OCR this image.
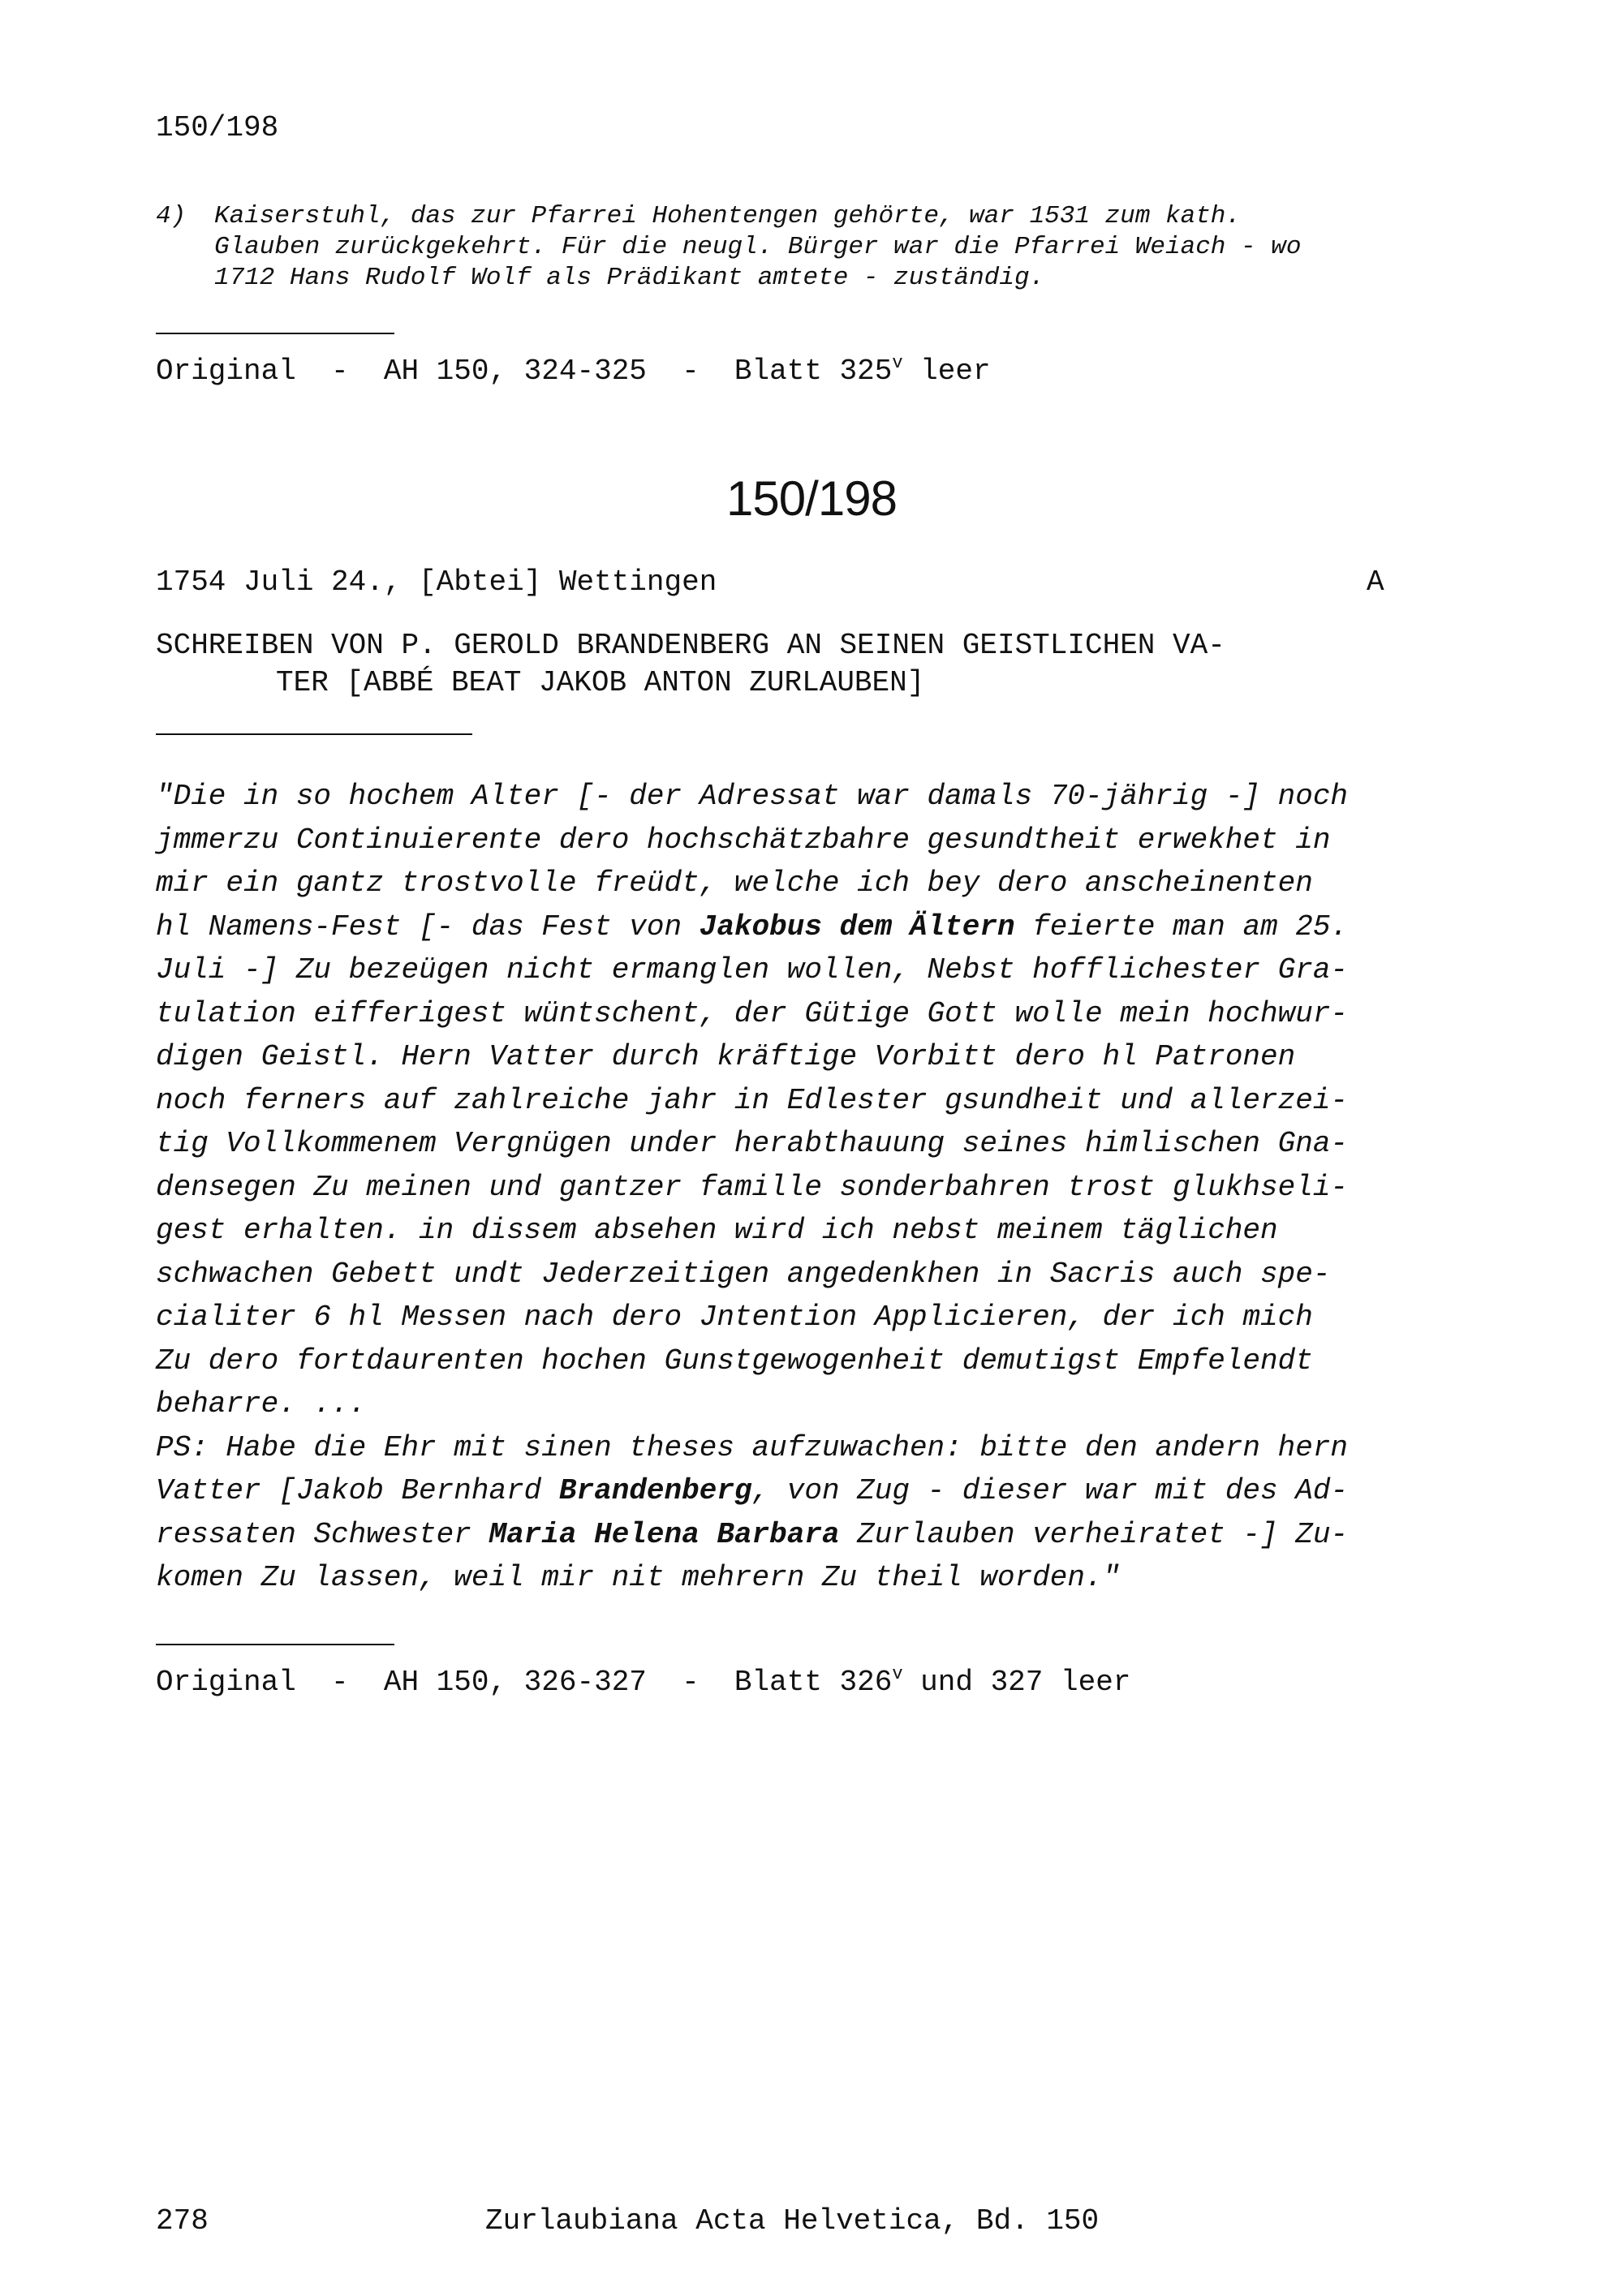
150/198
4) Kaiserstuhl, das zur Pfarrei Hohentengen gehörte, war 1531 zum kath.
Glauben zurückgekehrt. Für die neugl. Bürger war die Pfarrei Weiach - wo
1712 Hans Rudolf Wolf als Prädikant amtete - zuständig.
Original  -  AH 150, 324-325  -  Blatt 325$^v$ leer
150/198
1754 Juli 24., [Abtei] Wettingen	A
SCHREIBEN VON P. GEROLD BRANDENBERG AN SEINEN GEISTLICHEN VA-
TER [ABBÉ BEAT JAKOB ANTON ZURLAUBEN]
"Die in so hochem Alter [- der Adressat war damals 70-jährig -] noch
jmmerzu Continuierente dero hochschätzbahre gesundtheit erwekhet in
mir ein gantz trostvolle freüdt, welche ich bey dero anscheinenten
hl Namens-Fest [- das Fest von Jakobus dem Ältern feierte man am 25.
Juli -] Zu bezeügen nicht ermanglen wollen, Nebst hofflichester Gra-
tulation eifferigest wüntschent, der Gütige Gott wolle mein hochwur-
digen Geistl. Hern Vatter durch kräftige Vorbitt dero hl Patronen
noch ferners auf zahlreiche jahr in Edlester gsundheit und allerzei-
tig Vollkommenem Vergnügen under herabthauung seines himlischen Gna-
densegen Zu meinen und gantzer famille sonderbahren trost glukhseli-
gest erhalten. in dissem absehen wird ich nebst meinem täglichen
schwachen Gebett undt Jederzeitigen angedenkhen in Sacris auch spe-
cialiter 6 hl Messen nach dero Jntention Applicieren, der ich mich
Zu dero fortdaurenten hochen Gunstgewogenheit demutigst Empfelendt
beharre. ...
PS: Habe die Ehr mit sinen theses aufzuwachen: bitte den andern hern
Vatter [Jakob Bernhard Brandenberg, von Zug - dieser war mit des Ad-
ressaten Schwester Maria Helena Barbara Zurlauben verheiratet -] Zu-
komen Zu lassen, weil mir nit mehrern Zu theil worden."
Original  -  AH 150, 326-327  -  Blatt 326$^v$ und 327 leer
278	Zurlaubiana Acta Helvetica, Bd. 150
